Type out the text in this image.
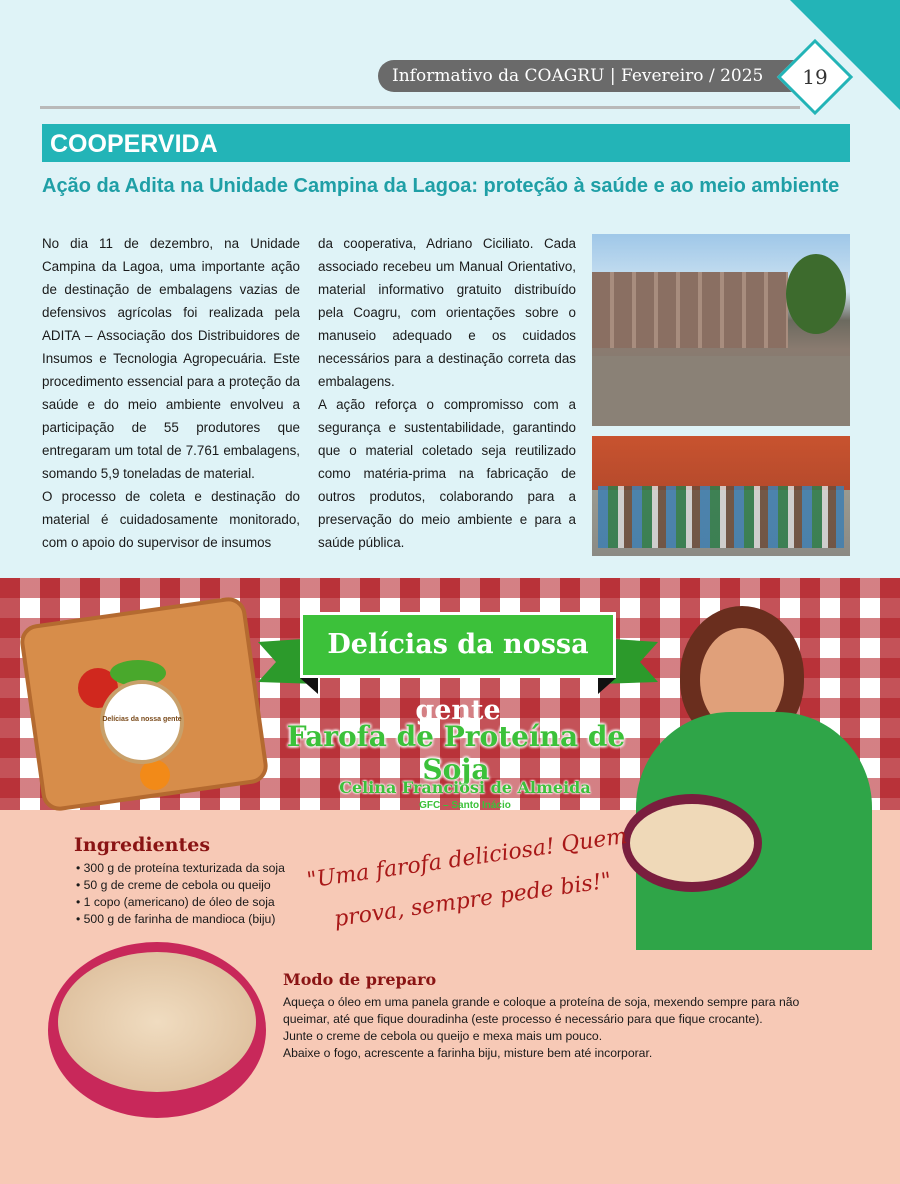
Informativo da COAGRU | Fevereiro / 2025	19
COOPERVIDA
Ação da Adita na Unidade Campina da Lagoa: proteção à saúde e ao meio ambiente

No dia 11 de dezembro, na Unidade Campina da Lagoa, uma importante ação de destinação de embalagens vazias de defensivos agrícolas foi realizada pela ADITA – Associação dos Distribuidores de Insumos e Tecnologia Agropecuária. Este procedimento essencial para a proteção da saúde e do meio ambiente envolveu a participação de 55 produtores que entregaram um total de 7.761 embalagens, somando 5,9 toneladas de material.

O processo de coleta e destinação do material é cuidadosamente monitorado, com o apoio do supervisor de insumos

da cooperativa, Adriano Ciciliato. Cada associado recebeu um Manual Orientativo, material informativo gratuito distribuído pela Coagru, com orientações sobre o manuseio adequado e os cuidados necessários para a destinação correta das embalagens.

A ação reforça o compromisso com a segurança e sustentabilidade, garantindo que o material coletado seja reutilizado como matéria-prima na fabricação de outros produtos, colaborando para a preservação do meio ambiente e para a saúde pública.

Delícias da nossa gente
Delícias da nossa gente
Farofa de Proteína de Soja
Celina Franciosi de Almeida
GFC – Santo Inácio
Ingredientes
• 300 g de proteína texturizada da soja
• 50 g de creme de cebola ou queijo
• 1 copo (americano) de óleo de soja
• 500 g de farinha de mandioca (biju)
"Uma farofa deliciosa! Quem prova, sempre pede bis!"
Modo de preparo

Aqueça o óleo em uma panela grande e coloque a proteína de soja, mexendo sempre para não queimar, até que fique douradinha (este processo é necessário para que fique crocante).

Junte o creme de cebola ou queijo e mexa mais um pouco.

Abaixe o fogo, acrescente a farinha biju, misture bem até incorporar.
